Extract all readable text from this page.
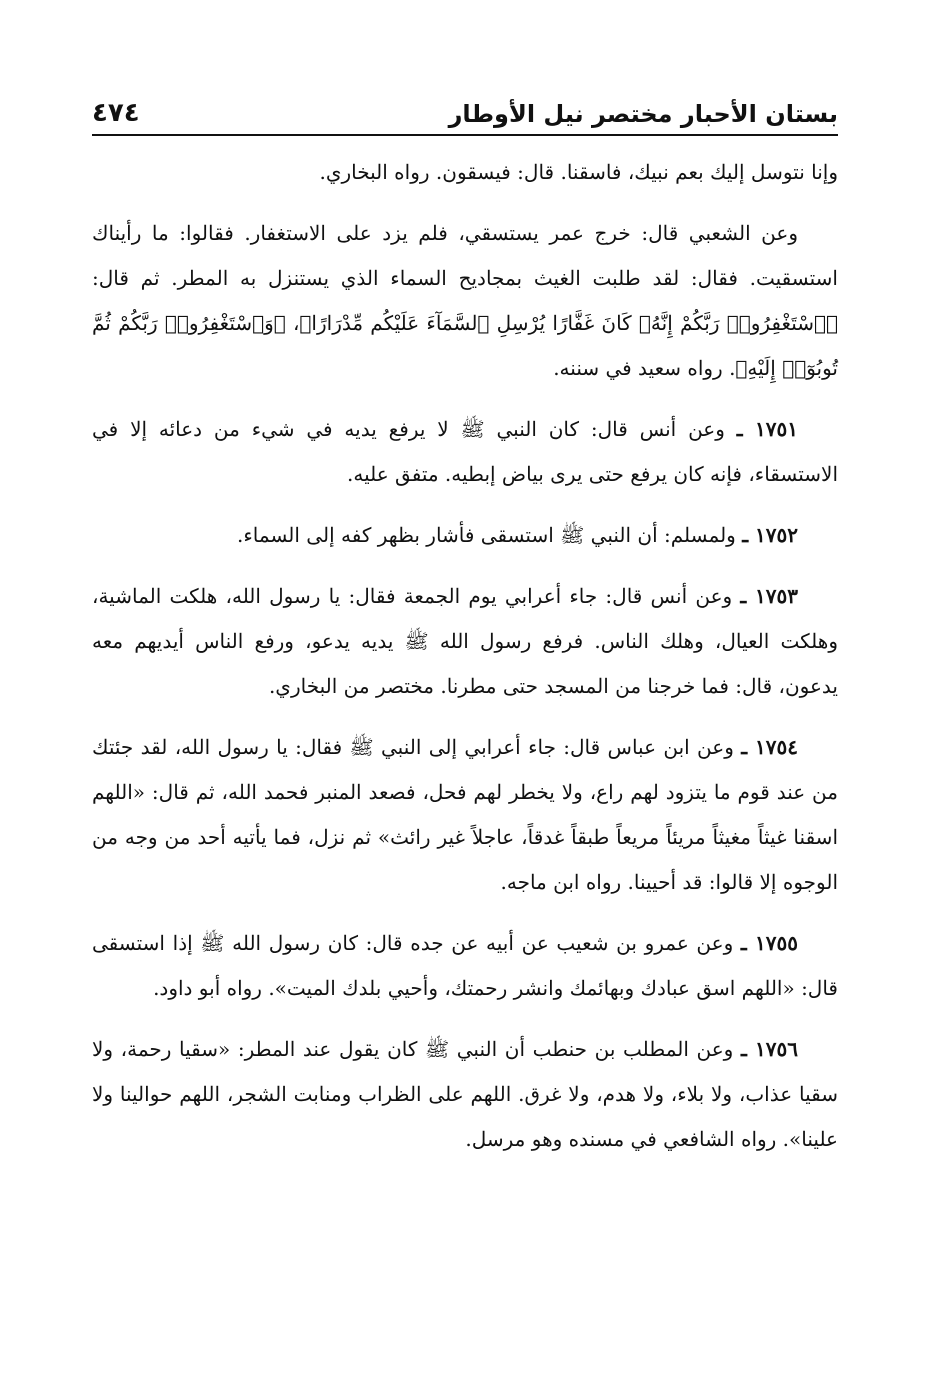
بستان الأحبار مختصر نيل الأوطار
٤٧٤

وإنا نتوسل إليك بعم نبيك، فاسقنا. قال: فيسقون. رواه البخاري.

وعن الشعبي قال: خرج عمر يستسقي، فلم يزد على الاستغفار. فقالوا: ما رأيناك استسقيت. فقال: لقد طلبت الغيث بمجاديح السماء الذي يستنزل به المطر. ثم قال: ﴿ٱسْتَغْفِرُوا۟ رَبَّكُمْ إِنَّهُۥ كَانَ غَفَّارًا يُرْسِلِ ٱلسَّمَآءَ عَلَيْكُم مِّدْرَارًا﴾، ﴿وَٱسْتَغْفِرُوا۟ رَبَّكُمْ ثُمَّ تُوبُوٓا۟ إِلَيْهِ﴾. رواه سعيد في سننه.

١٧٥١ ـ وعن أنس قال: كان النبي ﷺ لا يرفع يديه في شيء من دعائه إلا في الاستسقاء، فإنه كان يرفع حتى يرى بياض إبطيه. متفق عليه.

١٧٥٢ ـ ولمسلم: أن النبي ﷺ استسقى فأشار بظهر كفه إلى السماء.

١٧٥٣ ـ وعن أنس قال: جاء أعرابي يوم الجمعة فقال: يا رسول الله، هلكت الماشية، وهلكت العيال، وهلك الناس. فرفع رسول الله ﷺ يديه يدعو، ورفع الناس أيديهم معه يدعون، قال: فما خرجنا من المسجد حتى مطرنا. مختصر من البخاري.

١٧٥٤ ـ وعن ابن عباس قال: جاء أعرابي إلى النبي ﷺ فقال: يا رسول الله، لقد جئتك من عند قوم ما يتزود لهم راع، ولا يخطر لهم فحل، فصعد المنبر فحمد الله، ثم قال: «اللهم اسقنا غيثاً مغيثاً مريئاً مريعاً طبقاً غدقاً، عاجلاً غير رائث» ثم نزل، فما يأتيه أحد من وجه من الوجوه إلا قالوا: قد أحيينا. رواه ابن ماجه.

١٧٥٥ ـ وعن عمرو بن شعيب عن أبيه عن جده قال: كان رسول الله ﷺ إذا استسقى قال: «اللهم اسق عبادك وبهائمك وانشر رحمتك، وأحيي بلدك الميت». رواه أبو داود.

١٧٥٦ ـ وعن المطلب بن حنطب أن النبي ﷺ كان يقول عند المطر: «سقيا رحمة، ولا سقيا عذاب، ولا بلاء، ولا هدم، ولا غرق. اللهم على الظراب ومنابت الشجر، اللهم حوالينا ولا علينا». رواه الشافعي في مسنده وهو مرسل.
